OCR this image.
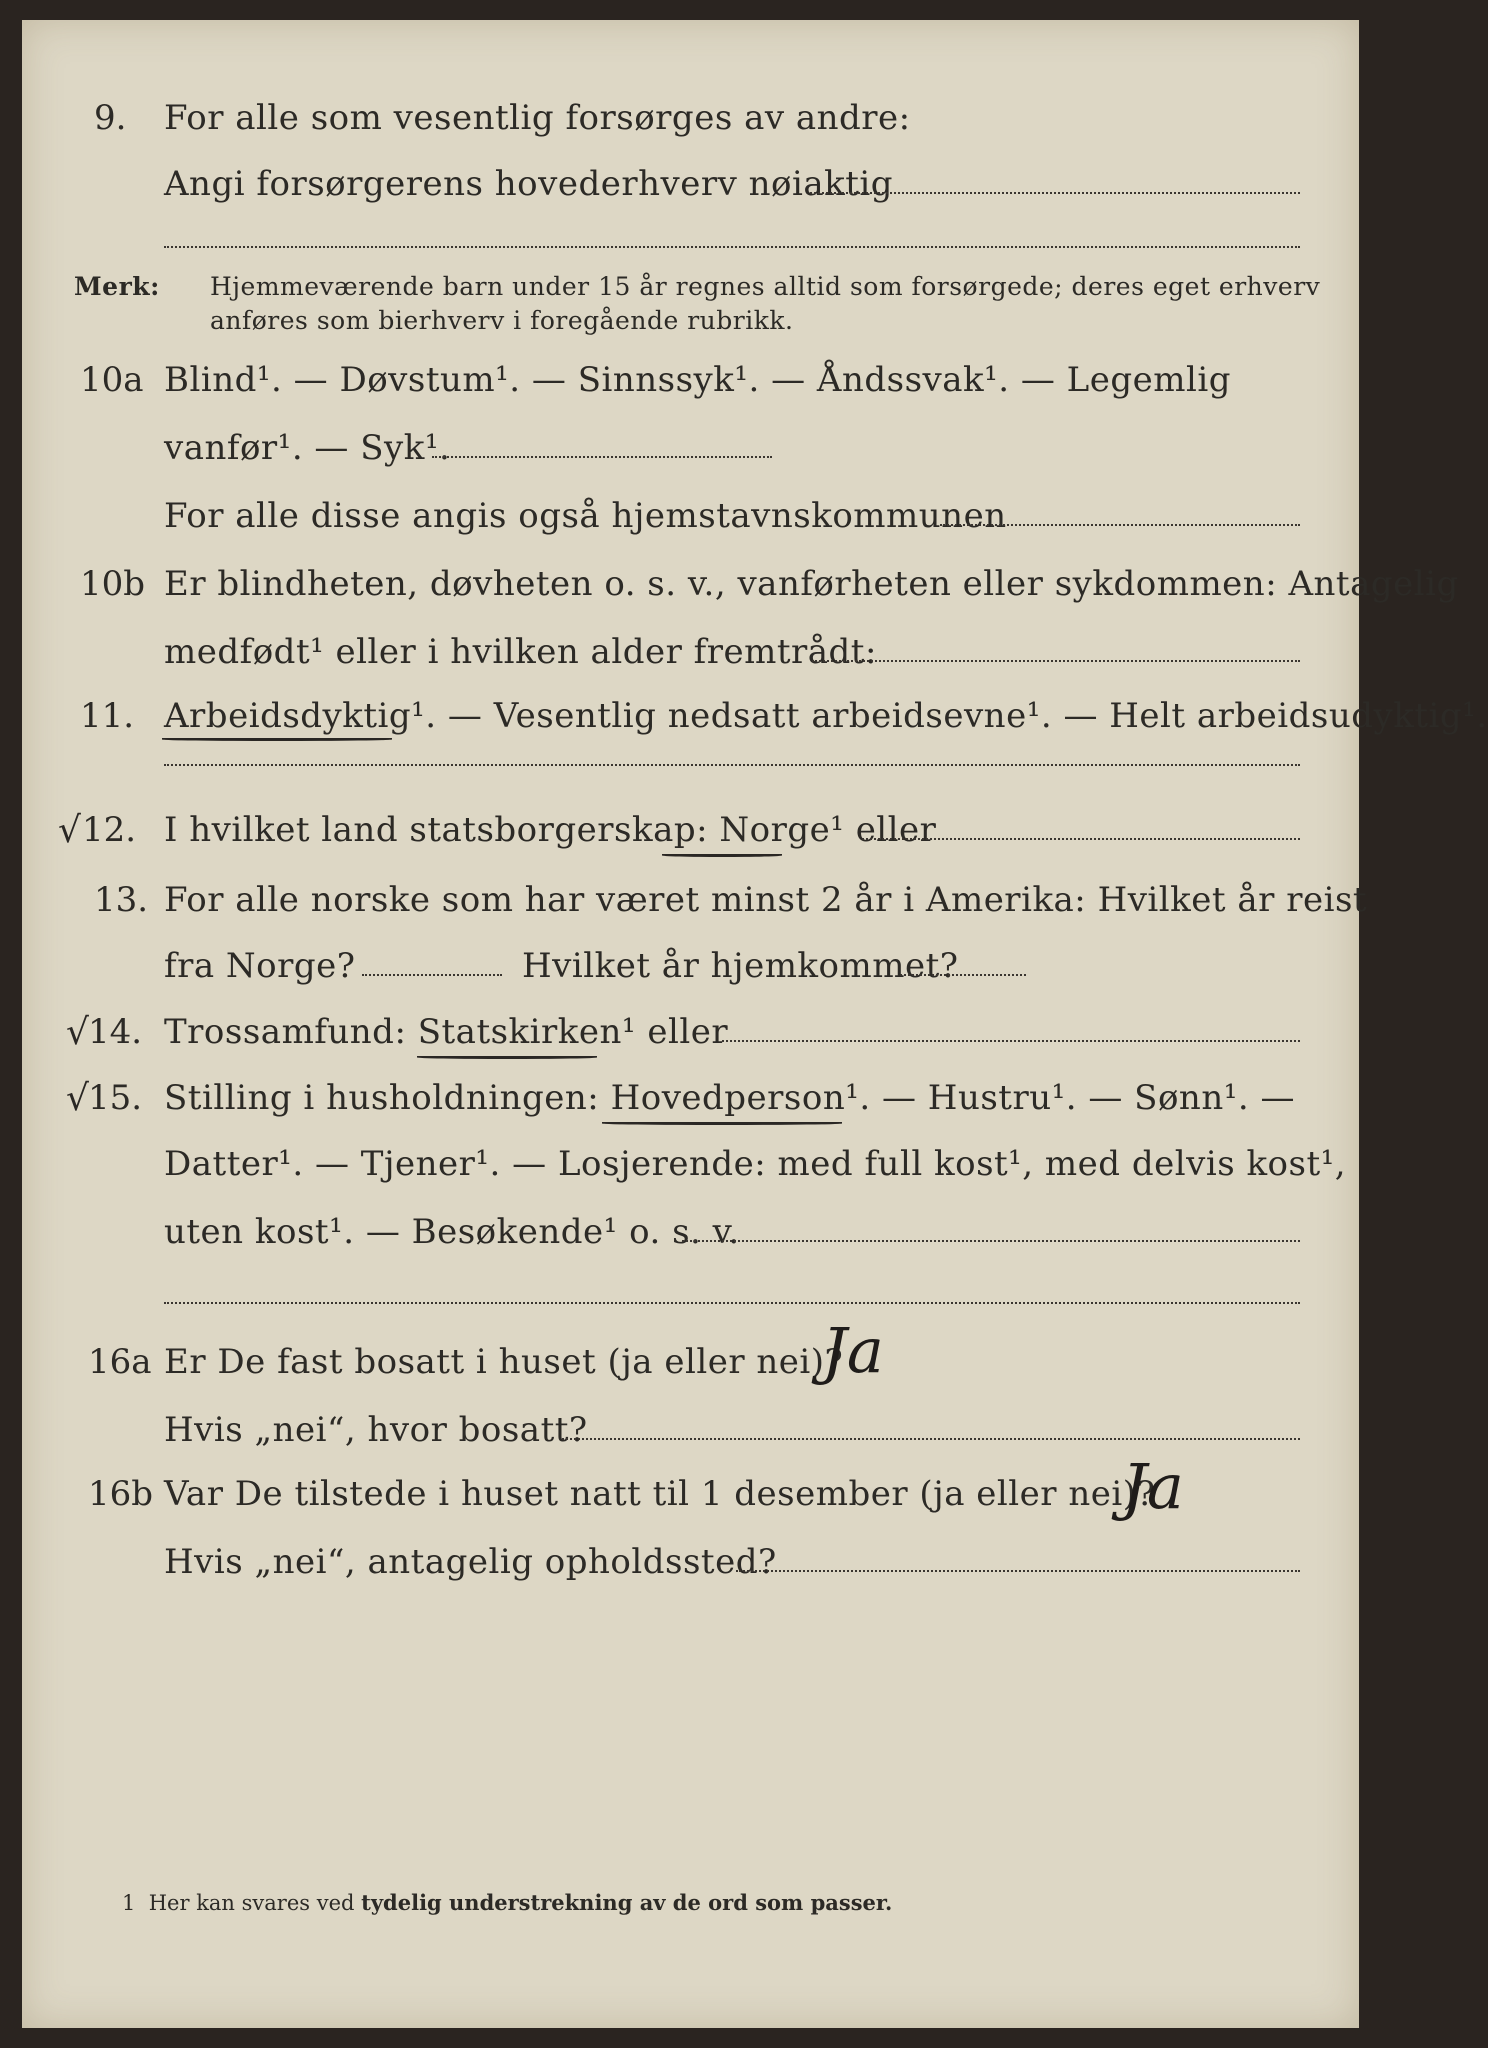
9. For alle som vesentlig forsørges av andre:
Angi forsørgerens hovederhverv nøiaktig
Merk: Hjemmeværende barn under 15 år regnes alltid som forsørgede; deres eget erhverv
anføres som bierhverv i foregående rubrikk.
10a Blind¹. — Døvstum¹. — Sinnssyk¹. — Åndssvak¹. — Legemlig
vanfør¹. — Syk¹.
For alle disse angis også hjemstavnskommunen
10b Er blindheten, døvheten o. s. v., vanførheten eller sykdommen: Antagelig
medfødt¹ eller i hvilken alder fremtrådt:
11. Arbeidsdyktig¹. — Vesentlig nedsatt arbeidsevne¹. — Helt arbeidsudyktig¹.
√ 12. I hvilket land statsborgerskap: Norge¹ eller
13. For alle norske som har været minst 2 år i Amerika: Hvilket år reist
fra Norge?	Hvilket år hjemkommet?
√ 14. Trossamfund: Statskirken¹ eller
√ 15. Stilling i husholdningen: Hovedperson¹. — Hustru¹. — Sønn¹. —
Datter¹. — Tjener¹. — Losjerende: med full kost¹, med delvis kost¹,
uten kost¹. — Besøkende¹ o. s. v.
16a Er De fast bosatt i huset (ja eller nei)?
Ja
Hvis „nei“, hvor bosatt?
16b Var De tilstede i huset natt til 1 desember (ja eller nei)?
Ja
Hvis „nei“, antagelig opholdssted?
1 Her kan svares ved tydelig understrekning av de ord som passer.
